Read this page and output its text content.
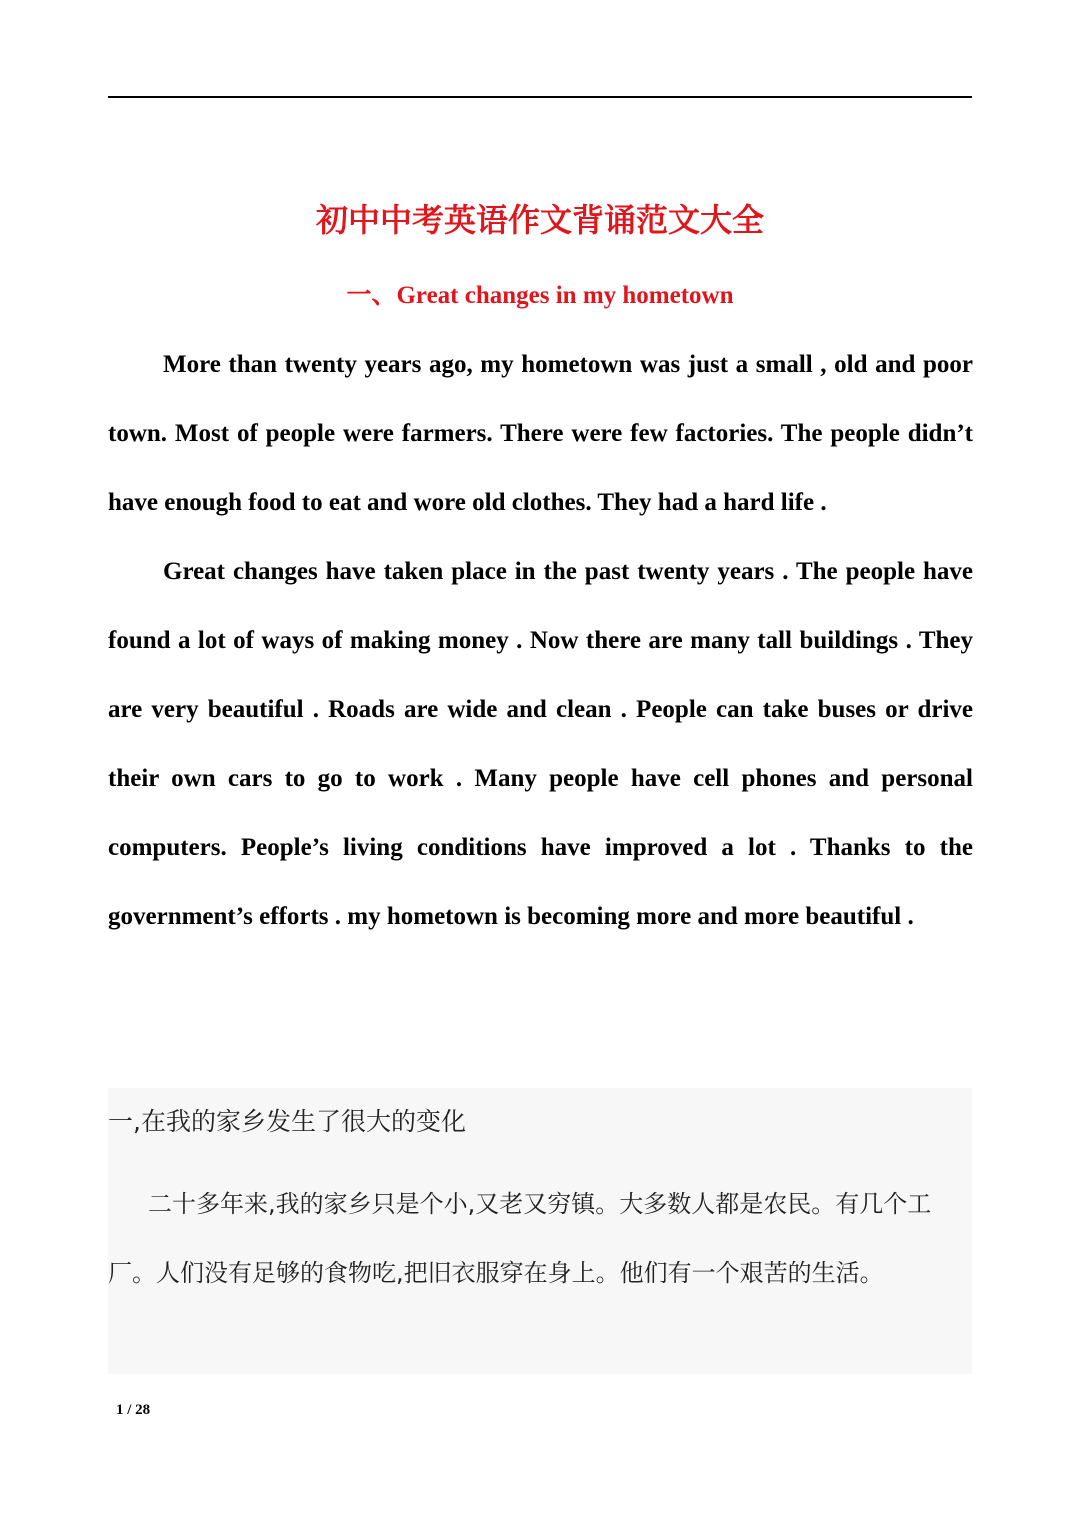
初中中考英语作文背诵范文大全
一、Great changes in my hometown

More than twenty years ago, my hometown was just a small , old and poor town. Most of people were farmers. There were few factories. The people didn’t have enough food to eat and wore old clothes. They had a hard life .

Great changes have taken place in the past twenty years . The people have found a lot of ways of making money . Now there are many tall buildings . They are very beautiful . Roads are wide and clean . People can take buses or drive their own cars to go to work . Many people have cell phones and personal computers. People’s living conditions have improved a lot . Thanks to the government’s efforts . my hometown is becoming more and more beautiful .

一,在我的家乡发生了很大的变化

二十多年来,我的家乡只是个小,又老又穷镇。大多数人都是农民。有几个工厂。人们没有足够的食物吃,把旧衣服穿在身上。他们有一个艰苦的生活。

1 / 28
